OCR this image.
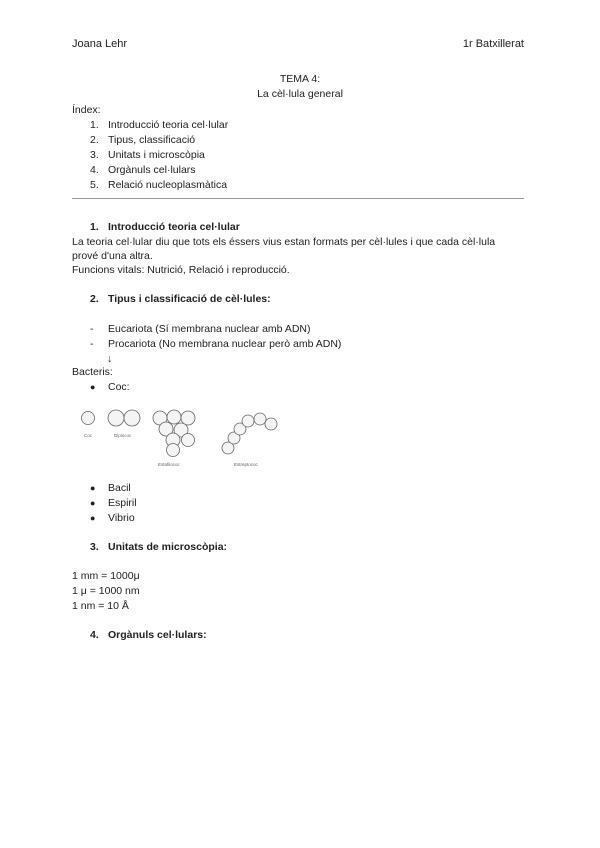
Joana Lehr	1r Batxillerat
TEMA 4:
La cèl·lula general
Índex:
1. Introducció teoria cel·lular
2. Tipus, classificació
3. Unitats i microscòpia
4. Orgànuls cel·lulars
5. Relació nucleoplasmàtica
1. Introducció teoria cel·lular
La teoria cel·lular diu que tots els éssers vius estan formats per cèl·lules i que cada cèl·lula
prové d'una altra.
Funcions vitals: Nutrició, Relació i reproducció.
2. Tipus i classificació de cèl·lules:
- Eucariota (Sí membrana nuclear amb ADN)
- Procariota (No membrana nuclear però amb ADN)
↓
Bacteris:
● Coc:
Coc	Diplococ
Estafilococ	Estreptococ
● Bacil
● Espiril
● Vibrio
3. Unitats de microscòpia:
1 mm = 1000μ
1 μ = 1000 nm
1 nm = 10 Å
4. Orgànuls cel·lulars:
